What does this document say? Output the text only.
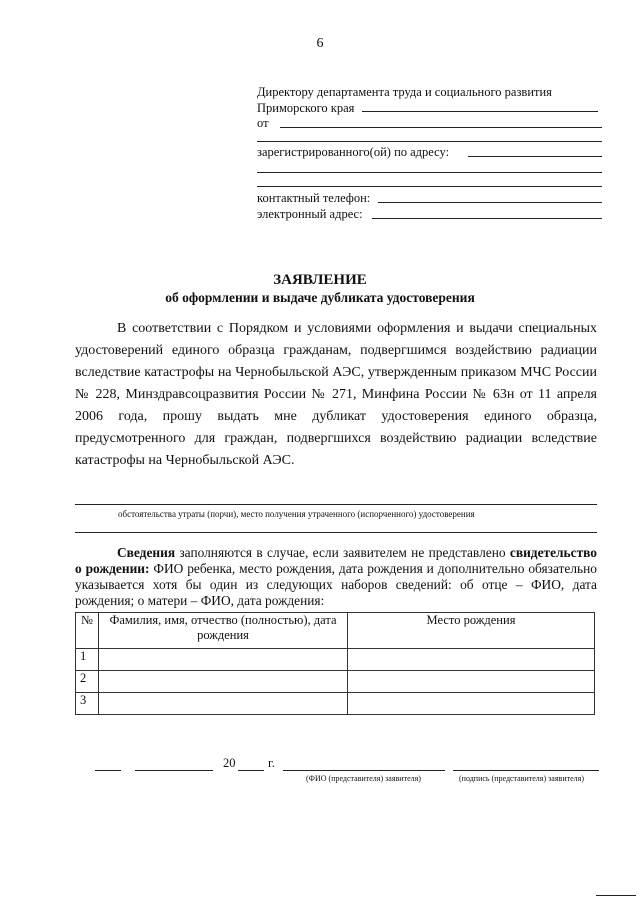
6
Директору департамента труда и социального развития
Приморского края
от
зарегистрированного(ой) по адресу:
контактный телефон:
электронный адрес:
ЗАЯВЛЕНИЕ
об оформлении и выдаче дубликата удостоверения
В соответствии с Порядком и условиями оформления и выдачи специальных удостоверений единого образца гражданам, подвергшимся воздействию радиации вследствие катастрофы на Чернобыльской АЭС, утвержденным приказом МЧС России № 228, Минздравсоцразвития России № 271, Минфина России № 63н от 11 апреля 2006 года, прошу выдать мне дубликат удостоверения единого образца, предусмотренного для граждан, подвергшихся воздействию радиации вследствие катастрофы на Чернобыльской АЭС.
обстоятельства утраты (порчи), место получения утраченного (испорченного) удостоверения
Сведения заполняются в случае, если заявителем не представлено свидетельство о рождении: ФИО ребенка, место рождения, дата рождения и дополнительно обязательно указывается хотя бы один из следующих наборов сведений: об отце – ФИО, дата рождения; о матери – ФИО, дата рождения:
№	Фамилия, имя, отчество (полностью), дата рождения	Место рождения
1		
2		
3		
20	г.
(ФИО (представителя) заявителя)	(подпись (представителя) заявителя)
